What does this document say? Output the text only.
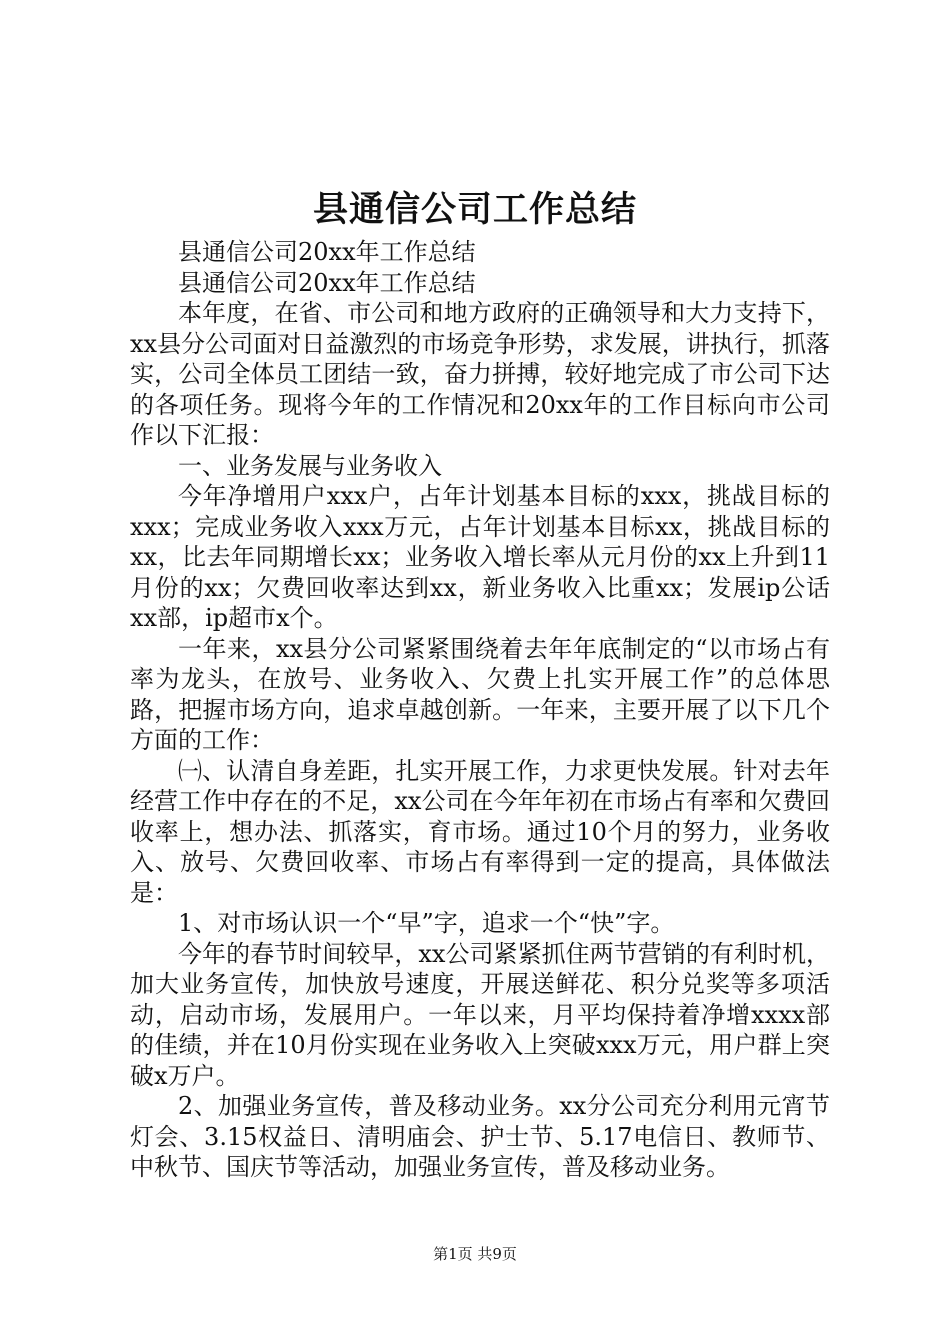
县通信公司工作总结

县通信公司20xx年工作总结

县通信公司20xx年工作总结

本年度，在省、市公司和地方政府的正确领导和大力支持下，xx县分公司面对日益激烈的市场竞争形势，求发展，讲执行，抓落实，公司全体员工团结一致，奋力拼搏，较好地完成了市公司下达的各项任务。现将今年的工作情况和20xx年的工作目标向市公司作以下汇报：

一、业务发展与业务收入

今年净增用户xxx户，占年计划基本目标的xxx，挑战目标的xxx；完成业务收入xxx万元，占年计划基本目标xx，挑战目标的xx，比去年同期增长xx；业务收入增长率从元月份的xx上升到11月份的xx；欠费回收率达到xx，新业务收入比重xx；发展ip公话xx部，ip超市x个。

一年来，xx县分公司紧紧围绕着去年年底制定的“以市场占有率为龙头，在放号、业务收入、欠费上扎实开展工作”的总体思路，把握市场方向，追求卓越创新。一年来，主要开展了以下几个方面的工作：

㈠、认清自身差距，扎实开展工作，力求更快发展。针对去年经营工作中存在的不足，xx公司在今年年初在市场占有率和欠费回收率上，想办法、抓落实，育市场。通过10个月的努力，业务收入、放号、欠费回收率、市场占有率得到一定的提高，具体做法是：

1、对市场认识一个“早”字，追求一个“快”字。

今年的春节时间较早，xx公司紧紧抓住两节营销的有利时机，加大业务宣传，加快放号速度，开展送鲜花、积分兑奖等多项活动，启动市场，发展用户。一年以来，月平均保持着净增xxxx部的佳绩，并在10月份实现在业务收入上突破xxx万元，用户群上突破x万户。

2、加强业务宣传，普及移动业务。xx分公司充分利用元宵节灯会、3.15权益日、清明庙会、护士节、5.17电信日、教师节、中秋节、国庆节等活动，加强业务宣传，普及移动业务。

第1页 共9页
